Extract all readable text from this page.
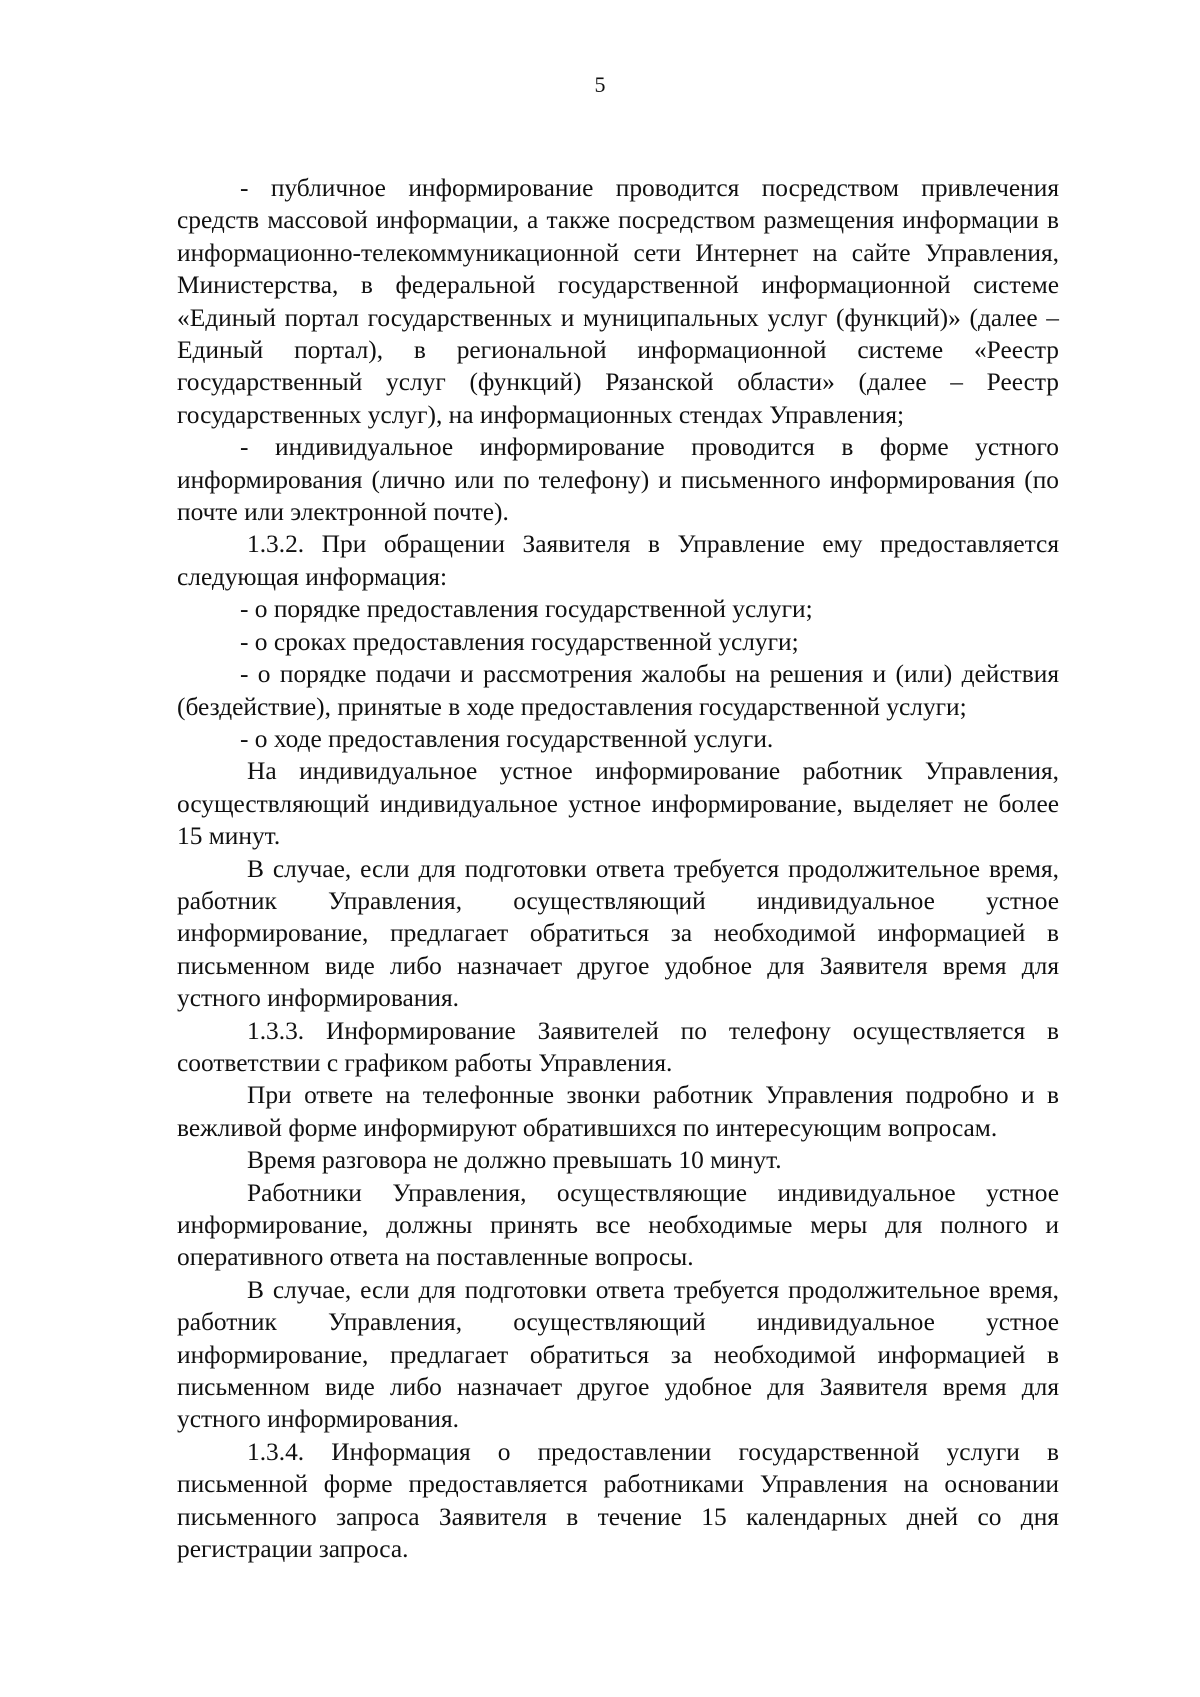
5

- публичное информирование проводится посредством привлечения средств массовой информации, а также посредством размещения информации в информационно-телекоммуникационной сети Интернет на сайте Управления, Министерства, в федеральной государственной информационной системе «Единый портал государственных и муниципальных услуг (функций)» (далее – Единый портал), в региональной информационной системе «Реестр государственный услуг (функций) Рязанской области» (далее – Реестр государственных услуг), на информационных стендах Управления;

- индивидуальное информирование проводится в форме устного информирования (лично или по телефону) и письменного информирования (по почте или электронной почте).

1.3.2. При обращении Заявителя в Управление ему предоставляется следующая информация:

- о порядке предоставления государственной услуги;

- о сроках предоставления государственной услуги;

- о порядке подачи и рассмотрения жалобы на решения и (или) действия (бездействие), принятые в ходе предоставления государственной услуги;

- о ходе предоставления государственной услуги.

На индивидуальное устное информирование работник Управления, осуществляющий индивидуальное устное информирование, выделяет не более 15 минут.

В случае, если для подготовки ответа требуется продолжительное время, работник Управления, осуществляющий индивидуальное устное информирование, предлагает обратиться за необходимой информацией в письменном виде либо назначает другое удобное для Заявителя время для устного информирования.

1.3.3. Информирование Заявителей по телефону осуществляется в соответствии с графиком работы Управления.

При ответе на телефонные звонки работник Управления подробно и в вежливой форме информируют обратившихся по интересующим вопросам.

Время разговора не должно превышать 10 минут.

Работники Управления, осуществляющие индивидуальное устное информирование, должны принять все необходимые меры для полного и оперативного ответа на поставленные вопросы.

В случае, если для подготовки ответа требуется продолжительное время, работник Управления, осуществляющий индивидуальное устное информирование, предлагает обратиться за необходимой информацией в письменном виде либо назначает другое удобное для Заявителя время для устного информирования.

1.3.4. Информация о предоставлении государственной услуги в письменной форме предоставляется работниками Управления на основании письменного запроса Заявителя в течение 15 календарных дней со дня регистрации запроса.
